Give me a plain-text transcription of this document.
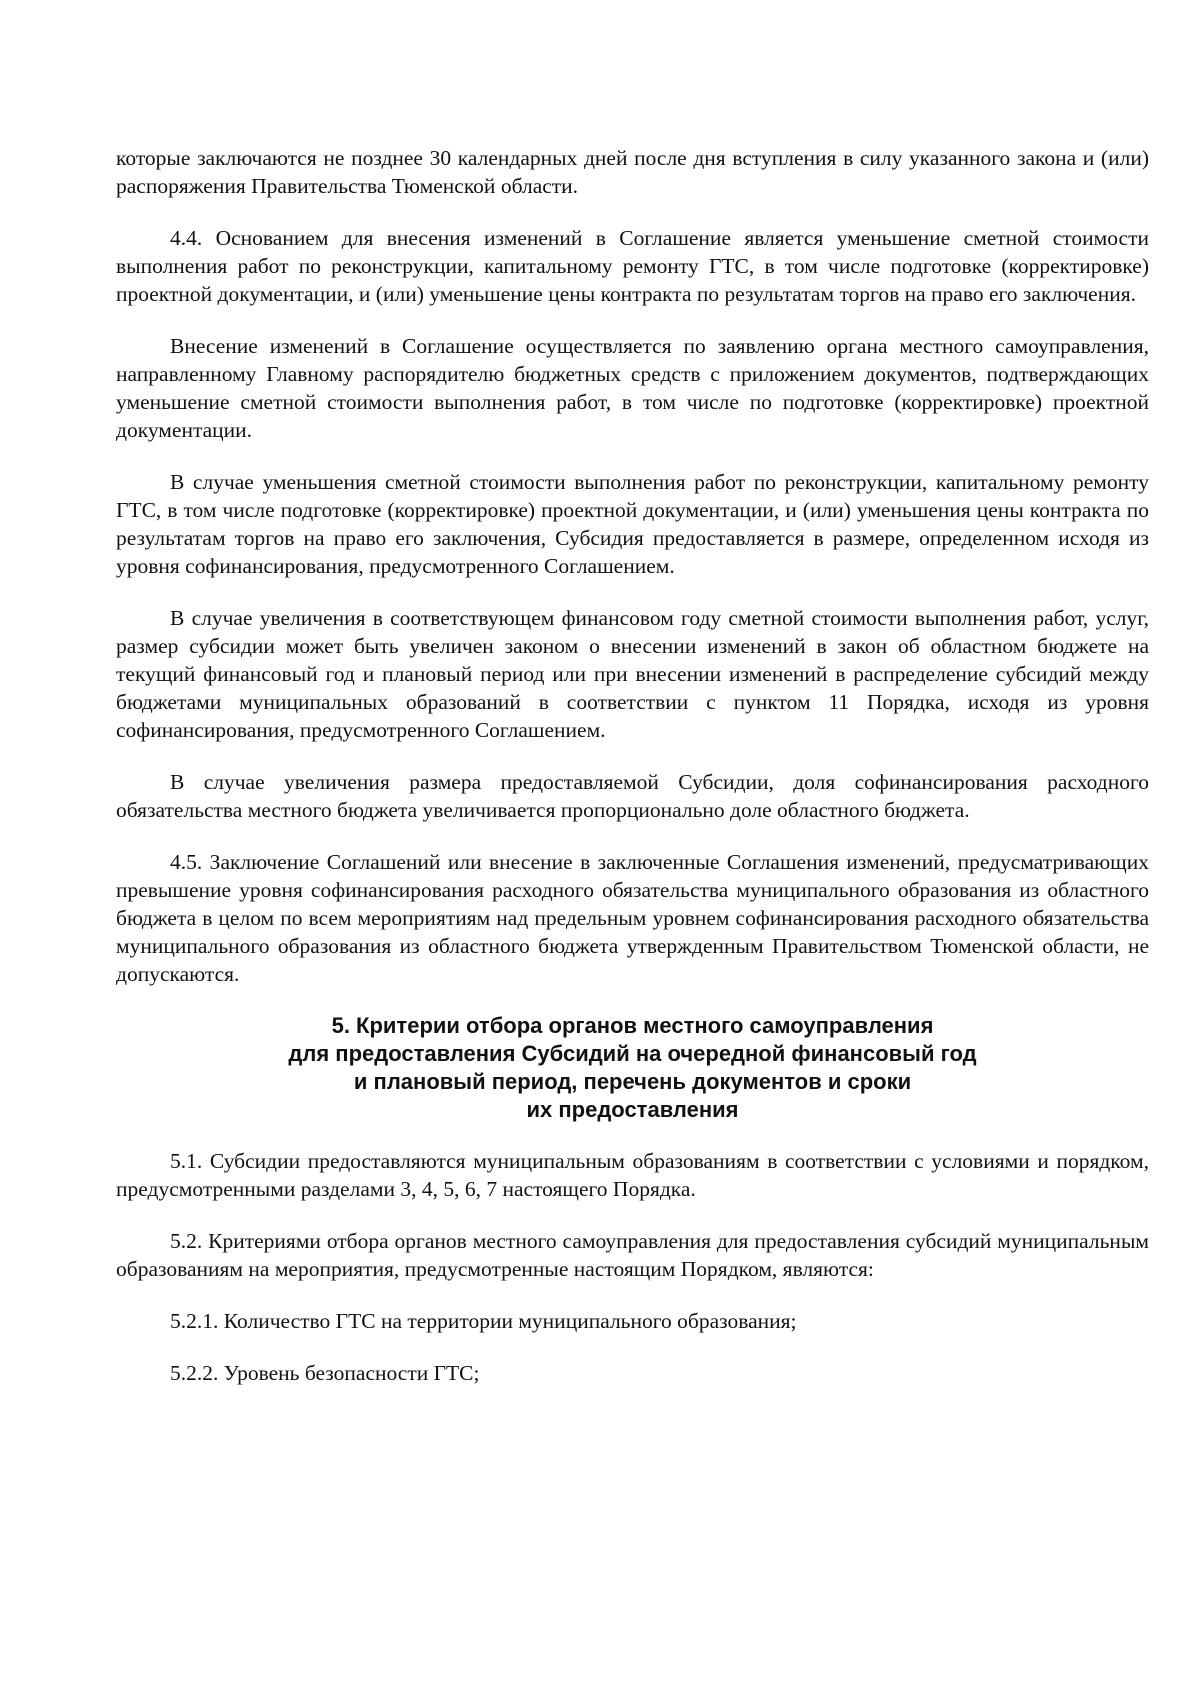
которые заключаются не позднее 30 календарных дней после дня вступления в силу указанного закона и (или) распоряжения Правительства Тюменской области.

4.4. Основанием для внесения изменений в Соглашение является уменьшение сметной стоимости выполнения работ по реконструкции, капитальному ремонту ГТС, в том числе подготовке (корректировке) проектной документации, и (или) уменьшение цены контракта по результатам торгов на право его заключения.

Внесение изменений в Соглашение осуществляется по заявлению органа местного самоуправления, направленному Главному распорядителю бюджетных средств с приложением документов, подтверждающих уменьшение сметной стоимости выполнения работ, в том числе по подготовке (корректировке) проектной документации.

В случае уменьшения сметной стоимости выполнения работ по реконструкции, капитальному ремонту ГТС, в том числе подготовке (корректировке) проектной документации, и (или) уменьшения цены контракта по результатам торгов на право его заключения, Субсидия предоставляется в размере, определенном исходя из уровня софинансирования, предусмотренного Соглашением.

В случае увеличения в соответствующем финансовом году сметной стоимости выполнения работ, услуг, размер субсидии может быть увеличен законом о внесении изменений в закон об областном бюджете на текущий финансовый год и плановый период или при внесении изменений в распределение субсидий между бюджетами муниципальных образований в соответствии с пунктом 11 Порядка, исходя из уровня софинансирования, предусмотренного Соглашением.

В случае увеличения размера предоставляемой Субсидии, доля софинансирования расходного обязательства местного бюджета увеличивается пропорционально доле областного бюджета.

4.5. Заключение Соглашений или внесение в заключенные Соглашения изменений, предусматривающих превышение уровня софинансирования расходного обязательства муниципального образования из областного бюджета в целом по всем мероприятиям над предельным уровнем софинансирования расходного обязательства муниципального образования из областного бюджета утвержденным Правительством Тюменской области, не допускаются.

5. Критерии отбора органов местного самоуправления
для предоставления Субсидий на очередной финансовый год
и плановый период, перечень документов и сроки
их предоставления

5.1. Субсидии предоставляются муниципальным образованиям в соответствии с условиями и порядком, предусмотренными разделами 3, 4, 5, 6, 7 настоящего Порядка.

5.2. Критериями отбора органов местного самоуправления для предоставления субсидий муниципальным образованиям на мероприятия, предусмотренные настоящим Порядком, являются:

5.2.1. Количество ГТС на территории муниципального образования;

5.2.2. Уровень безопасности ГТС;
